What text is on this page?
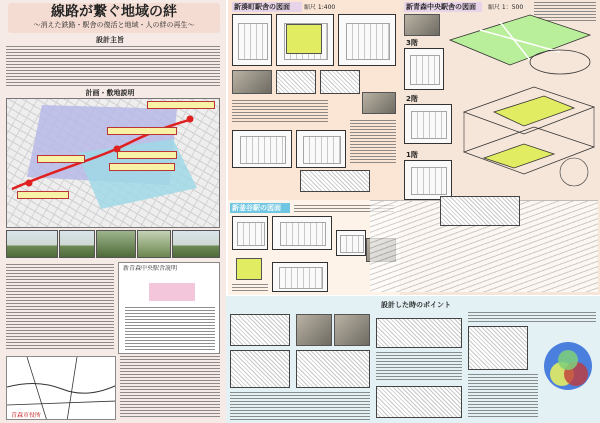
線路が繋ぐ地域の絆
～消えた鉄路・駅舎の復活と地域・人の絆の再生～
設計主旨
計画・敷地説明
新青森中央駅舎説明
青森市役所
新湊町駅舎の図面	縮尺 1:400
新釜谷駅の図面
新青森中央駅舎の図面	縮尺 1：500
3階
2階
1階
設計した時のポイント
